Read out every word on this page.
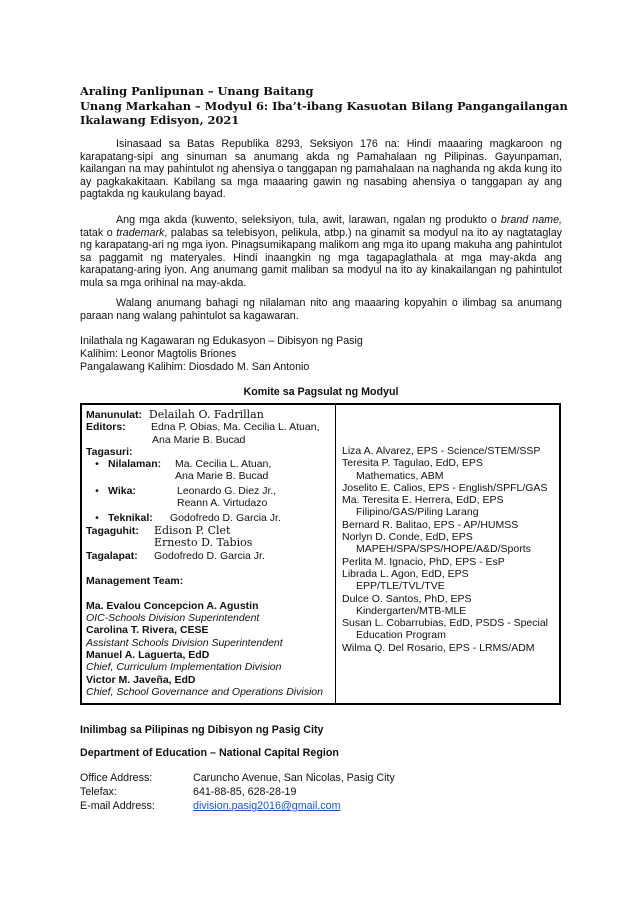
Araling Panlipunan – Unang Baitang
Unang Markahan – Modyul 6: Iba’t-ibang Kasuotan Bilang Pangangailangan
Ikalawang Edisyon, 2021
Isinasaad sa Batas Republika 8293, Seksiyon 176 na: Hindi maaaring magkaroon ng karapatang-sipi ang sinuman sa anumang akda ng Pamahalaan ng Pilipinas. Gayunpaman, kailangan na may pahintulot ng ahensiya o tanggapan ng pamahalaan na naghanda ng akda kung ito ay pagkakakitaan. Kabilang sa mga maaaring gawin ng nasabing ahensiya o tanggapan ay ang pagtakda ng kaukulang bayad.
Ang mga akda (kuwento, seleksiyon, tula, awit, larawan, ngalan ng produkto o brand name, tatak o trademark, palabas sa telebisyon, pelikula, atbp.) na ginamit sa modyul na ito ay nagtataglay ng karapatang-ari ng mga iyon. Pinagsumikapang malikom ang mga ito upang makuha ang pahintulot sa paggamit ng materyales. Hindi inaangkin ng mga tagapaglathala at mga may-akda ang karapatang-aring iyon. Ang anumang gamit maliban sa modyul na ito ay kinakailangan ng pahintulot mula sa mga orihinal na may-akda.
Walang anumang bahagi ng nilalaman nito ang maaaring kopyahin o ilimbag sa anumang paraan nang walang pahintulot sa kagawaran.
Inilathala ng Kagawaran ng Edukasyon – Dibisyon ng Pasig
Kalihim: Leonor Magtolis Briones
Pangalawang Kalihim: Diosdado M. San Antonio
Komite sa Pagsulat ng Modyul
Manunulat: Delailah O. Fadrillan
Editors: Edna P. Obias, Ma. Cecilia L. Atuan,
Ana Marie B. Bucad
Tagasuri:
• Nilalaman: Ma. Cecilia L. Atuan,
Ana Marie B. Bucad
• Wika:	Leonardo G. Diez Jr.,
Reann A. Virtudazo
• Teknikal: Godofredo D. Garcia Jr.
Tagaguhit: Edison P. Clet
Ernesto D. Tabios
Tagalapat: Godofredo D. Garcia Jr.
Management Team:
Ma. Evalou Concepcion A. Agustin
OIC-Schools Division Superintendent
Carolina T. Rivera, CESE
Assistant Schools Division Superintendent
Manuel A. Laguerta, EdD
Chief, Curriculum Implementation Division
Victor M. Javeña, EdD
Chief, School Governance and Operations Division
Liza A. Alvarez, EPS - Science/STEM/SSP
Teresita P. Tagulao, EdD, EPS
Mathematics, ABM
Joselito E. Calios, EPS - English/SPFL/GAS
Ma. Teresita E. Herrera, EdD, EPS
Filipino/GAS/Piling Larang
Bernard R. Balitao, EPS - AP/HUMSS
Norlyn D. Conde, EdD, EPS
MAPEH/SPA/SPS/HOPE/A&D/Sports
Perlita M. Ignacio, PhD, EPS - EsP
Librada L. Agon, EdD, EPS
EPP/TLE/TVL/TVE
Dulce O. Santos, PhD, EPS
Kindergarten/MTB-MLE
Susan L. Cobarrubias, EdD, PSDS - Special
Education Program
Wilma Q. Del Rosario, EPS - LRMS/ADM
Inilimbag sa Pilipinas ng Dibisyon ng Pasig City
Department of Education – National Capital Region
Office Address:	Caruncho Avenue, San Nicolas, Pasig City
Telefax:	641-88-85, 628-28-19
E-mail Address:	division.pasig2016@gmail.com
